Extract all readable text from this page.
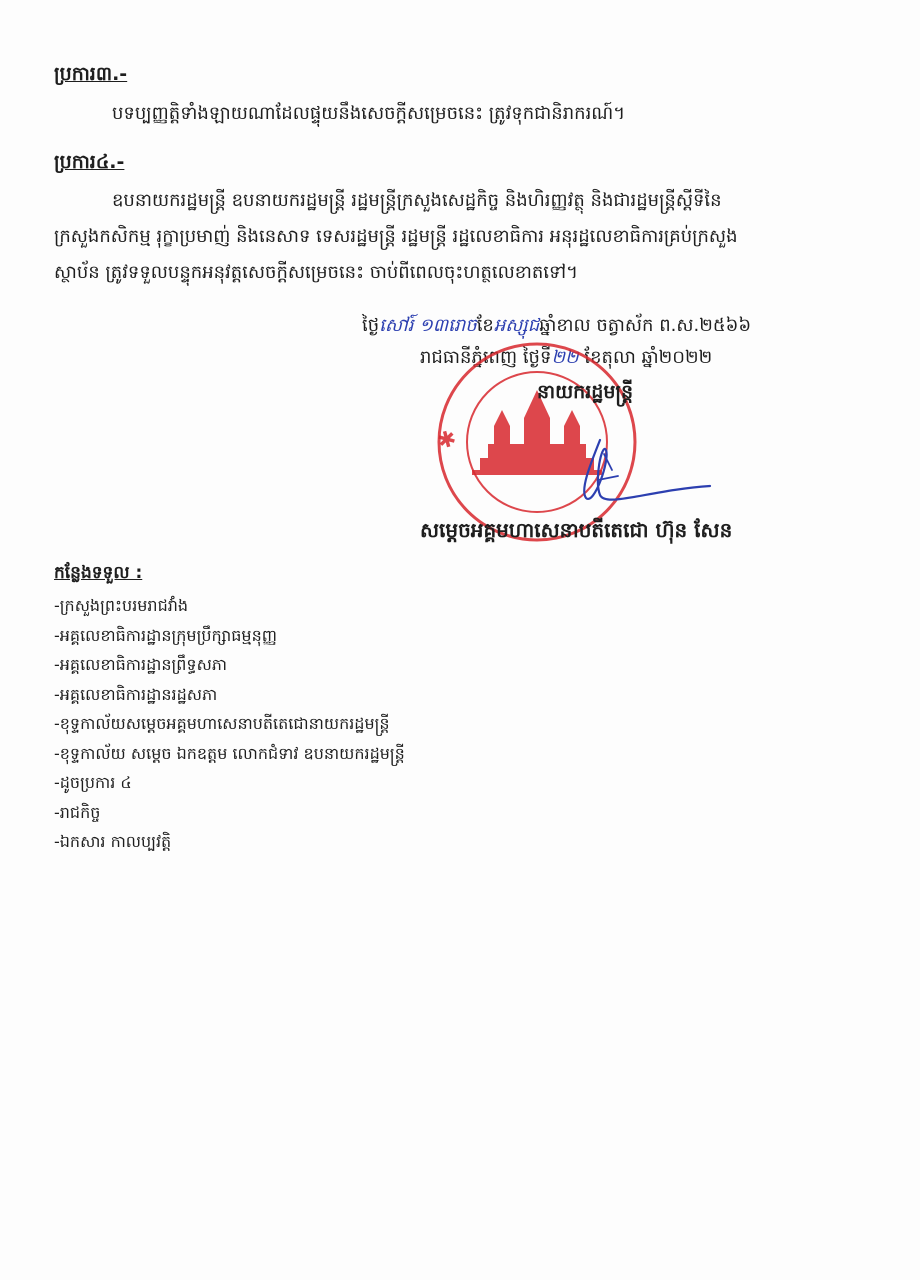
ប្រការ៣.-
បទប្បញ្ញត្តិទាំងឡាយណាដែលផ្ទុយនឹងសេចក្តីសម្រេចនេះ ត្រូវទុកជានិរាករណ៍។
ប្រការ៤.-
ឧបនាយករដ្ឋមន្ត្រី ឧបនាយករដ្ឋមន្ត្រី រដ្ឋមន្ត្រីក្រសួងសេដ្ឋកិច្ច និងហិរញ្ញវត្ថុ និងជារដ្ឋមន្ត្រីស្តីទីនៃ
ក្រសួងកសិកម្ម រុក្ខាប្រមាញ់ និងនេសាទ ទេសរដ្ឋមន្ត្រី រដ្ឋមន្ត្រី រដ្ឋលេខាធិការ អនុរដ្ឋលេខាធិការគ្រប់ក្រសួង
ស្ថាប័ន ត្រូវទទួលបន្ទុកអនុវត្តសេចក្តីសម្រេចនេះ ចាប់ពីពេលចុះហត្ថលេខាតទៅ។
ថ្ងៃសៅរ៍ ១៣រោចខែអស្សុជឆ្នាំខាល ចត្វាស័ក ព.ស.២៥៦៦
រាជធានីភ្នំពេញ ថ្ងៃទី២២ ខែតុលា ឆ្នាំ២០២២
✱
នាយករដ្ឋមន្ត្រី
សម្តេចអគ្គមហាសេនាបតីតេជោ ហ៊ុន សែន
កន្លែងទទួល :
-ក្រសួងព្រះបរមរាជវាំង
-អគ្គលេខាធិការដ្ឋានក្រុមប្រឹក្សាធម្មនុញ្ញ
-អគ្គលេខាធិការដ្ឋានព្រឹទ្ធសភា
-អគ្គលេខាធិការដ្ឋានរដ្ឋសភា
-ខុទ្ទកាល័យសម្តេចអគ្គមហាសេនាបតីតេជោនាយករដ្ឋមន្ត្រី
-ខុទ្ទកាល័យ សម្តេច ឯកឧត្តម លោកជំទាវ ឧបនាយករដ្ឋមន្ត្រី
-ដូចប្រការ ៤
-រាជកិច្ច
-ឯកសារ កាលប្បវត្តិ
